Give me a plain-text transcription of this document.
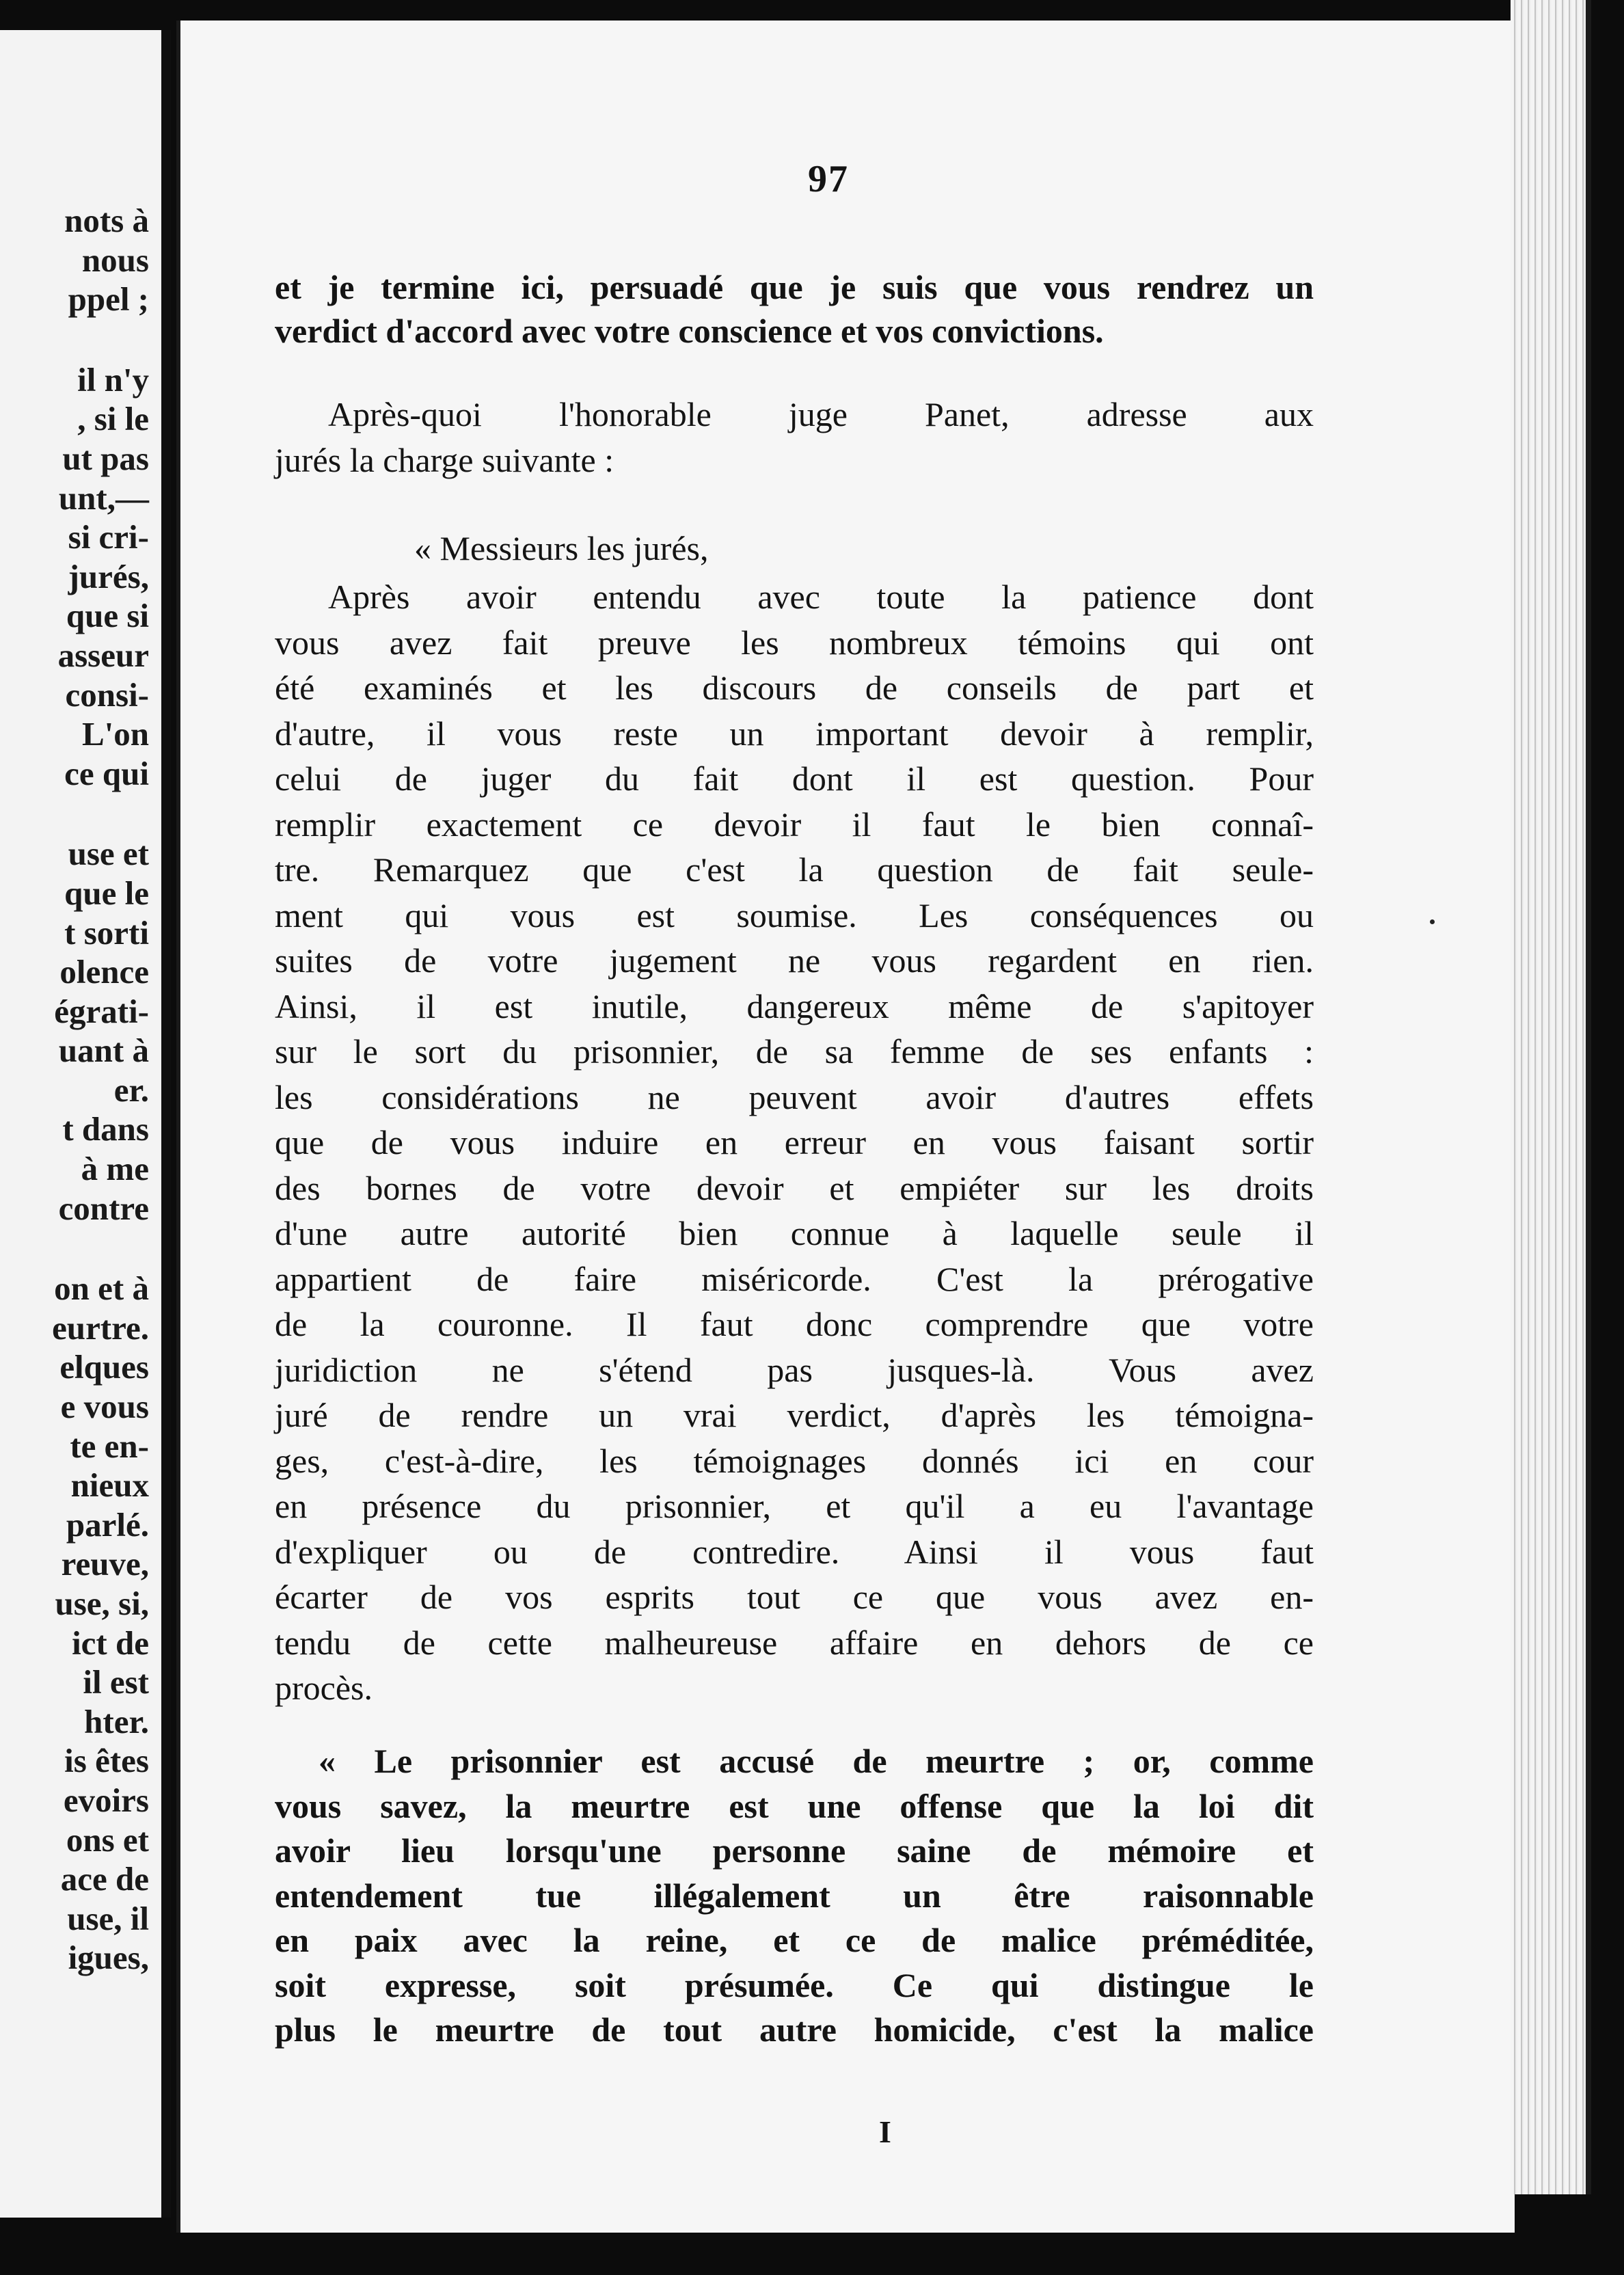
nots à
nous
ppel ;
il n'y
, si le
ut pas
unt,—
si cri-
jurés,
que si
asseur
consi-
L'on
ce qui
use et
que le
t sorti
olence
égrati-
uant à
er.
t dans
à me
contre
on et à
eurtre.
elques
e vous
te en-
nieux
parlé.
reuve,
use, si,
ict de
il est
hter.
is êtes
evoirs
ons et
ace de
use, il
igues,
97
et je termine ici, persuadé que je suis que vous rendrez un
verdict d'accord avec votre conscience et vos convictions.
Après-quoi l'honorable juge Panet, adresse aux
jurés la charge suivante :
« Messieurs les jurés,
Après avoir entendu avec toute la patience dont
vous avez fait preuve les nombreux témoins qui ont
été examinés et les discours de conseils de part et
d'autre, il vous reste un important devoir à remplir,
celui de juger du fait dont il est question. Pour
remplir exactement ce devoir il faut le bien connaî-
tre. Remarquez que c'est la question de fait seule-
ment qui vous est soumise. Les conséquences ou
suites de votre jugement ne vous regardent en rien.
Ainsi, il est inutile, dangereux même de s'apitoyer
sur le sort du prisonnier, de sa femme de ses enfants :
les considérations ne peuvent avoir d'autres effets
que de vous induire en erreur en vous faisant sortir
des bornes de votre devoir et empiéter sur les droits
d'une autre autorité bien connue à laquelle seule il
appartient de faire miséricorde. C'est la prérogative
de la couronne. Il faut donc comprendre que votre
juridiction ne s'étend pas jusques-là. Vous avez
juré de rendre un vrai verdict, d'après les témoigna-
ges, c'est-à-dire, les témoignages donnés ici en cour
en présence du prisonnier, et qu'il a eu l'avantage
d'expliquer ou de contredire. Ainsi il vous faut
écarter de vos esprits tout ce que vous avez en-
tendu de cette malheureuse affaire en dehors de ce
procès.
« Le prisonnier est accusé de meurtre ; or, comme
vous savez, la meurtre est une offense que la loi dit
avoir lieu lorsqu'une personne saine de mémoire et
entendement tue illégalement un être raisonnable
en paix avec la reine, et ce de malice préméditée,
soit expresse, soit présumée. Ce qui distingue le
plus le meurtre de tout autre homicide, c'est la malice
I
